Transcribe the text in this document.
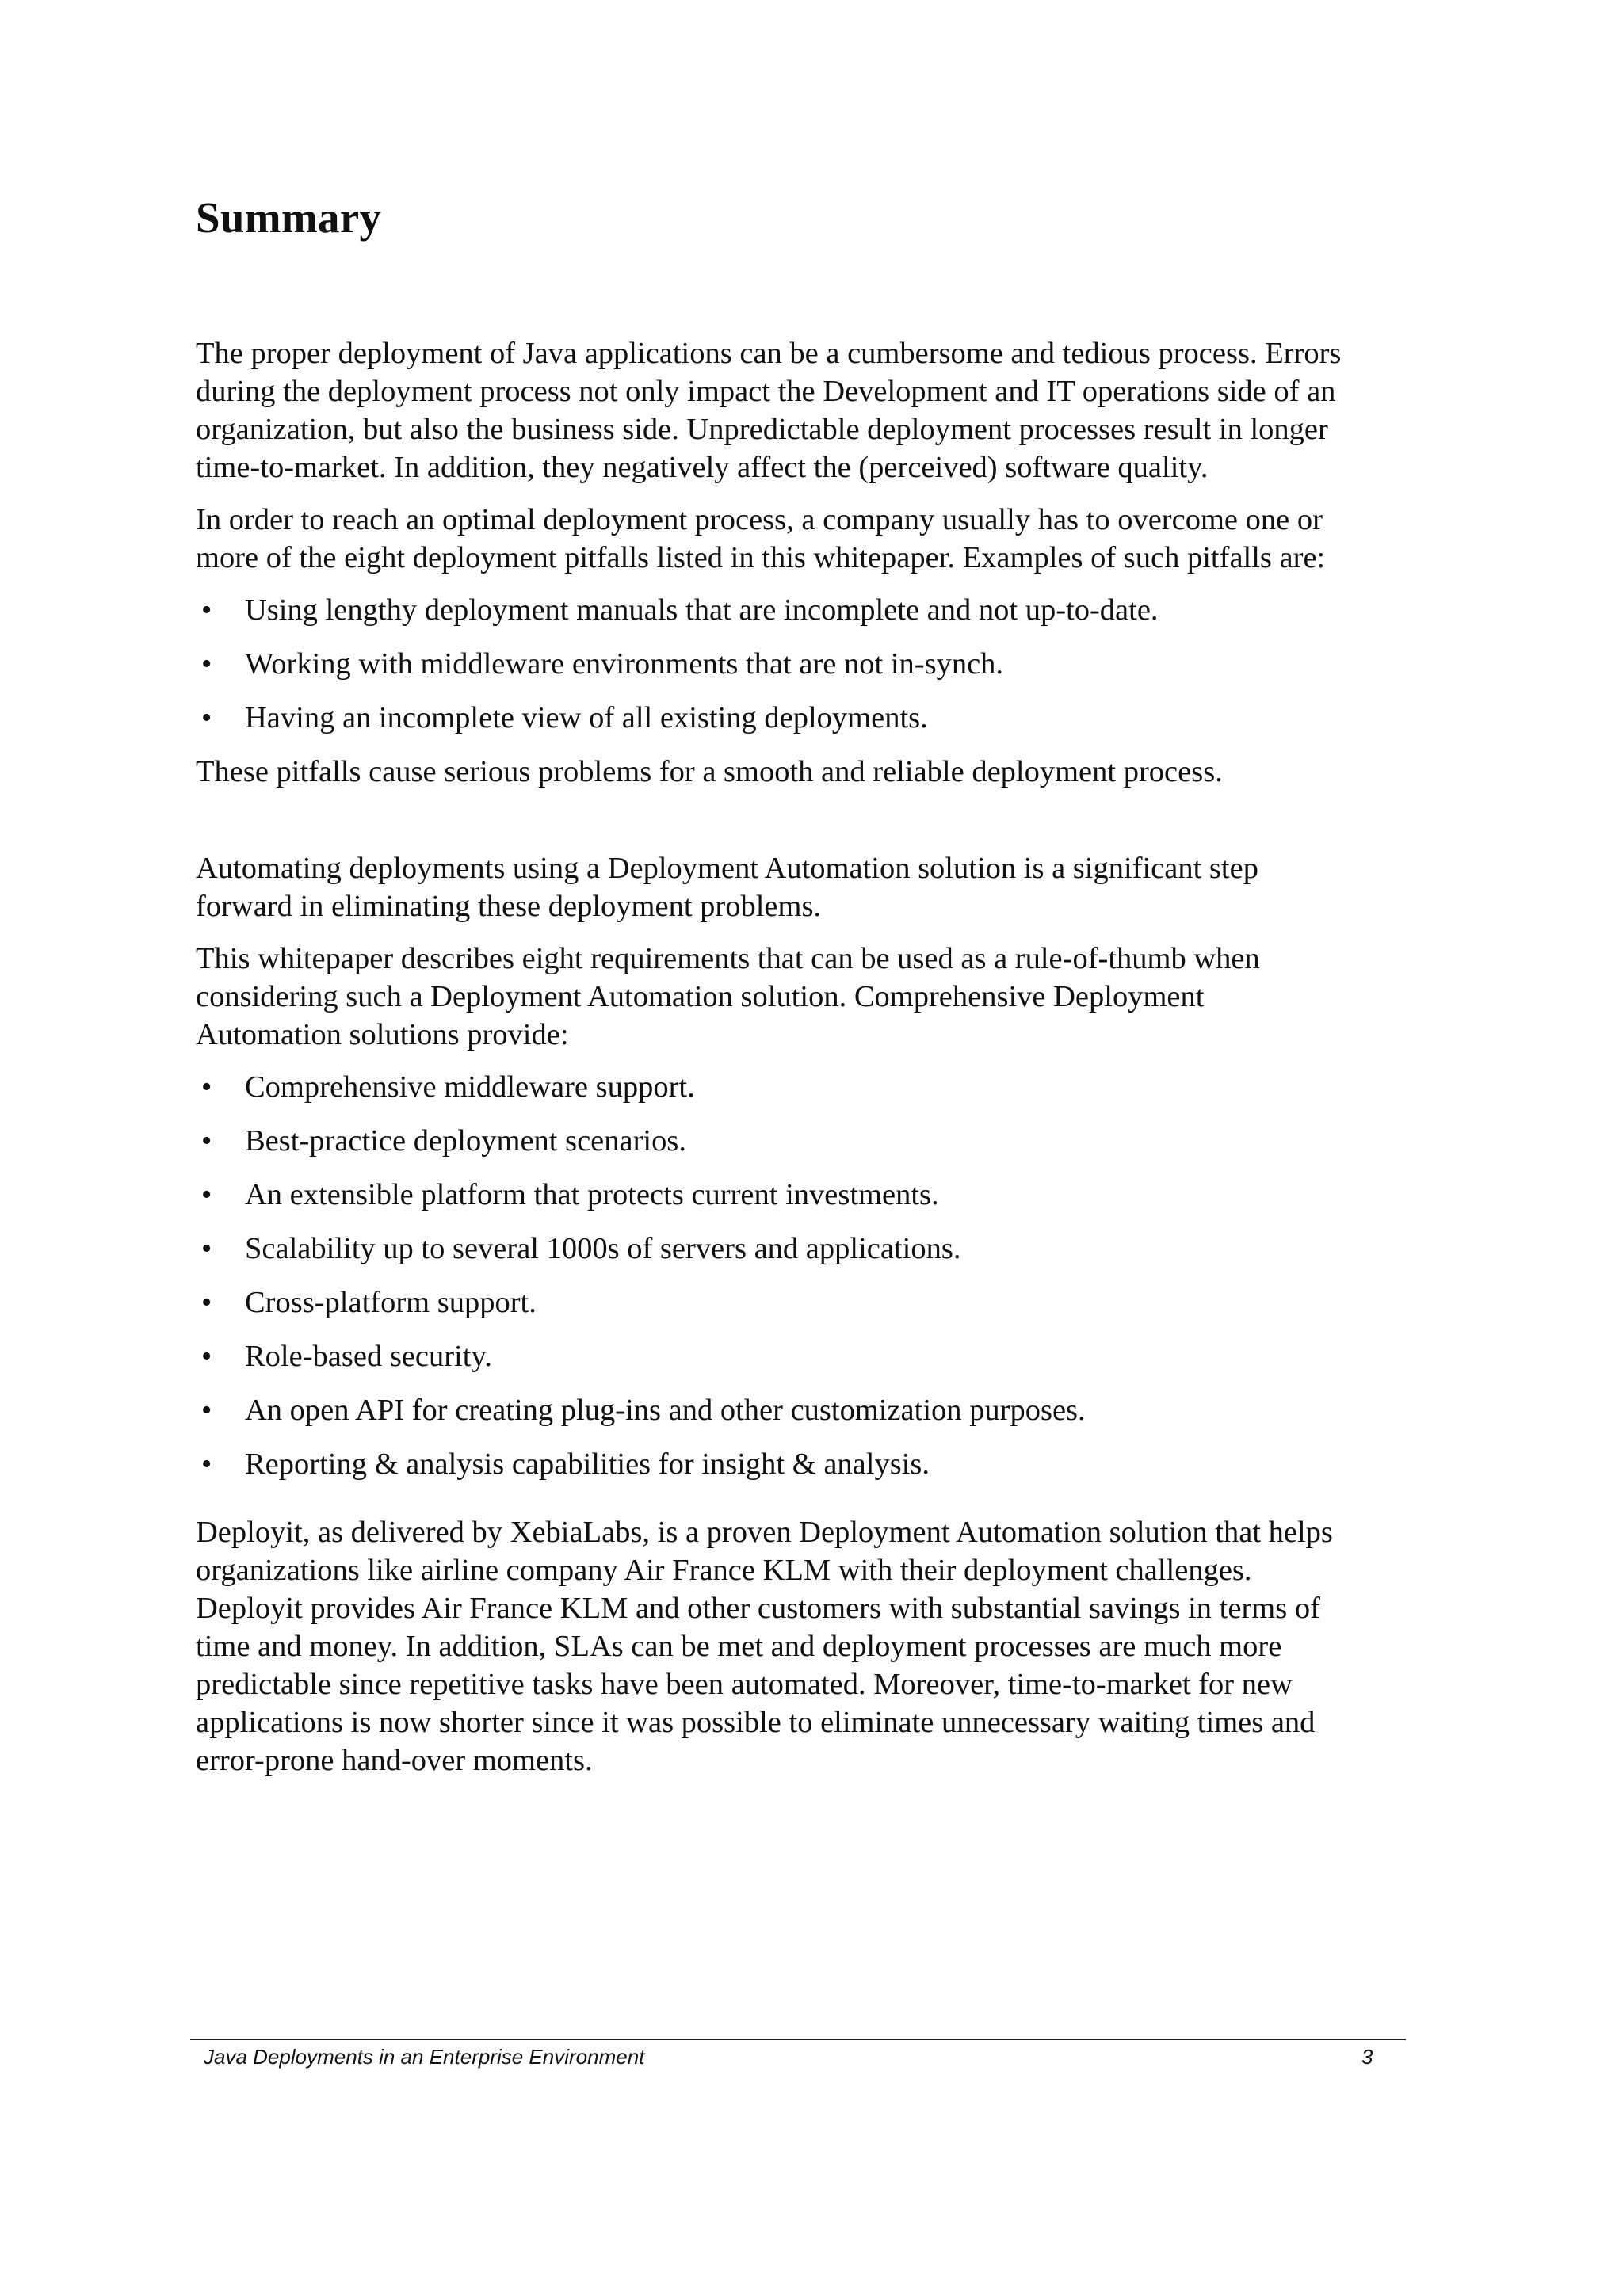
Summary

The proper deployment of Java applications can be a cumbersome and tedious process. Errors
during the deployment process not only impact the Development and IT operations side of an
organization, but also the business side. Unpredictable deployment processes result in longer
time-to-market. In addition, they negatively affect the (perceived) software quality.

In order to reach an optimal deployment process, a company usually has to overcome one or
more of the eight deployment pitfalls listed in this whitepaper. Examples of such pitfalls are:

• Using lengthy deployment manuals that are incomplete and not up-to-date.
• Working with middleware environments that are not in-synch.
• Having an incomplete view of all existing deployments.

These pitfalls cause serious problems for a smooth and reliable deployment process.

Automating deployments using a Deployment Automation solution is a significant step
forward in eliminating these deployment problems.

This whitepaper describes eight requirements that can be used as a rule-of-thumb when
considering such a Deployment Automation solution. Comprehensive Deployment
Automation solutions provide:

• Comprehensive middleware support.
• Best-practice deployment scenarios.
• An extensible platform that protects current investments.
• Scalability up to several 1000s of servers and applications.
• Cross-platform support.
• Role-based security.
• An open API for creating plug-ins and other customization purposes.
• Reporting & analysis capabilities for insight & analysis.

Deployit, as delivered by XebiaLabs, is a proven Deployment Automation solution that helps
organizations like airline company Air France KLM with their deployment challenges.
Deployit provides Air France KLM and other customers with substantial savings in terms of
time and money. In addition, SLAs can be met and deployment processes are much more
predictable since repetitive tasks have been automated. Moreover, time-to-market for new
applications is now shorter since it was possible to eliminate unnecessary waiting times and
error-prone hand-over moments.

Java Deployments in an Enterprise Environment	3
